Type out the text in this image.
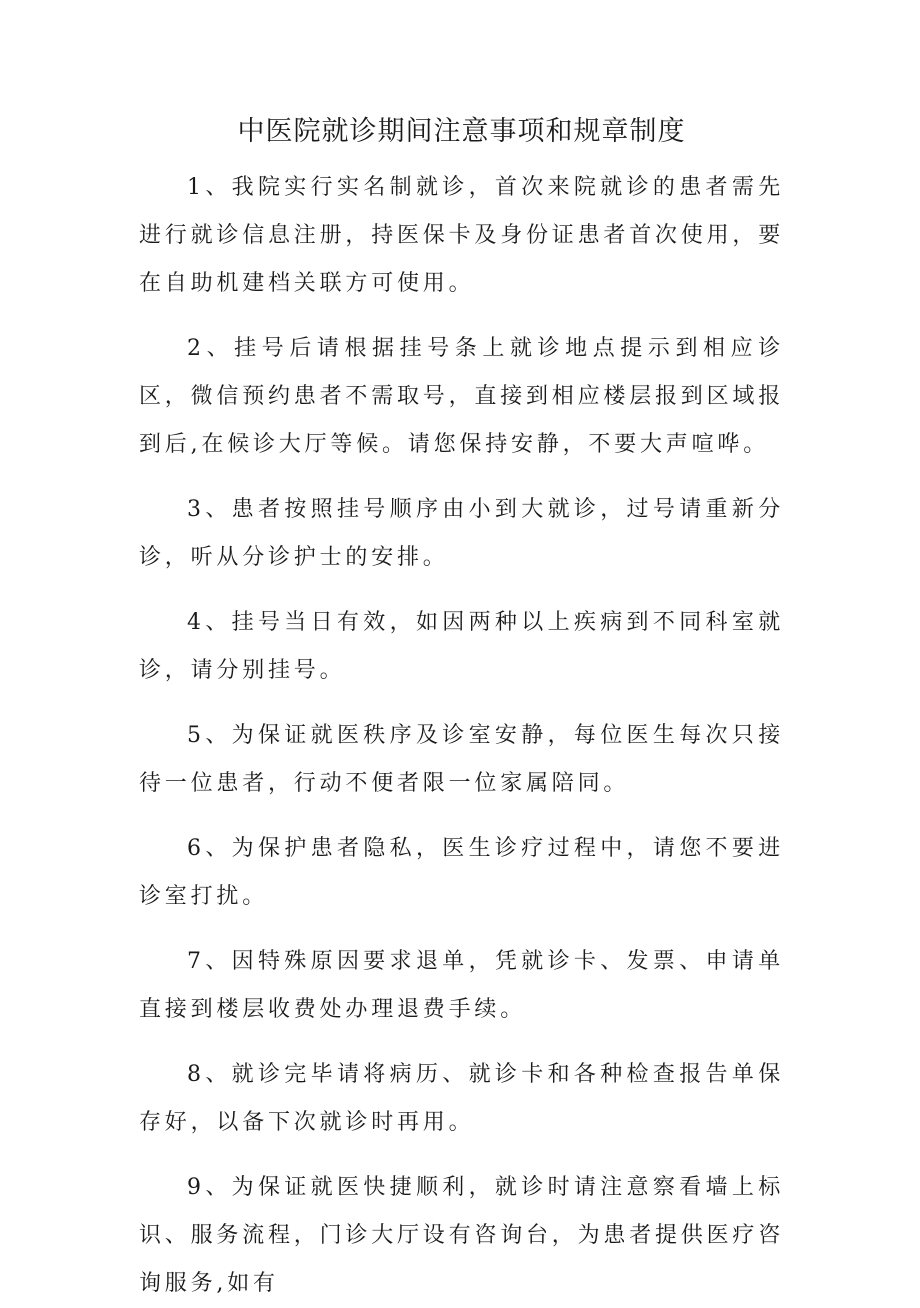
中医院就诊期间注意事项和规章制度

1、我院实行实名制就诊，首次来院就诊的患者需先进行就诊信息注册，持医保卡及身份证患者首次使用，要在自助机建档关联方可使用。

2、挂号后请根据挂号条上就诊地点提示到相应诊区，微信预约患者不需取号，直接到相应楼层报到区域报到后,在候诊大厅等候。请您保持安静，不要大声喧哗。

3、患者按照挂号顺序由小到大就诊，过号请重新分诊，听从分诊护士的安排。

4、挂号当日有效，如因两种以上疾病到不同科室就诊，请分别挂号。

5、为保证就医秩序及诊室安静，每位医生每次只接待一位患者，行动不便者限一位家属陪同。

6、为保护患者隐私，医生诊疗过程中，请您不要进诊室打扰。

7、因特殊原因要求退单，凭就诊卡、发票、申请单直接到楼层收费处办理退费手续。

8、就诊完毕请将病历、就诊卡和各种检查报告单保存好，以备下次就诊时再用。

9、为保证就医快捷顺利，就诊时请注意察看墙上标识、服务流程，门诊大厅设有咨询台，为患者提供医疗咨询服务,如有
